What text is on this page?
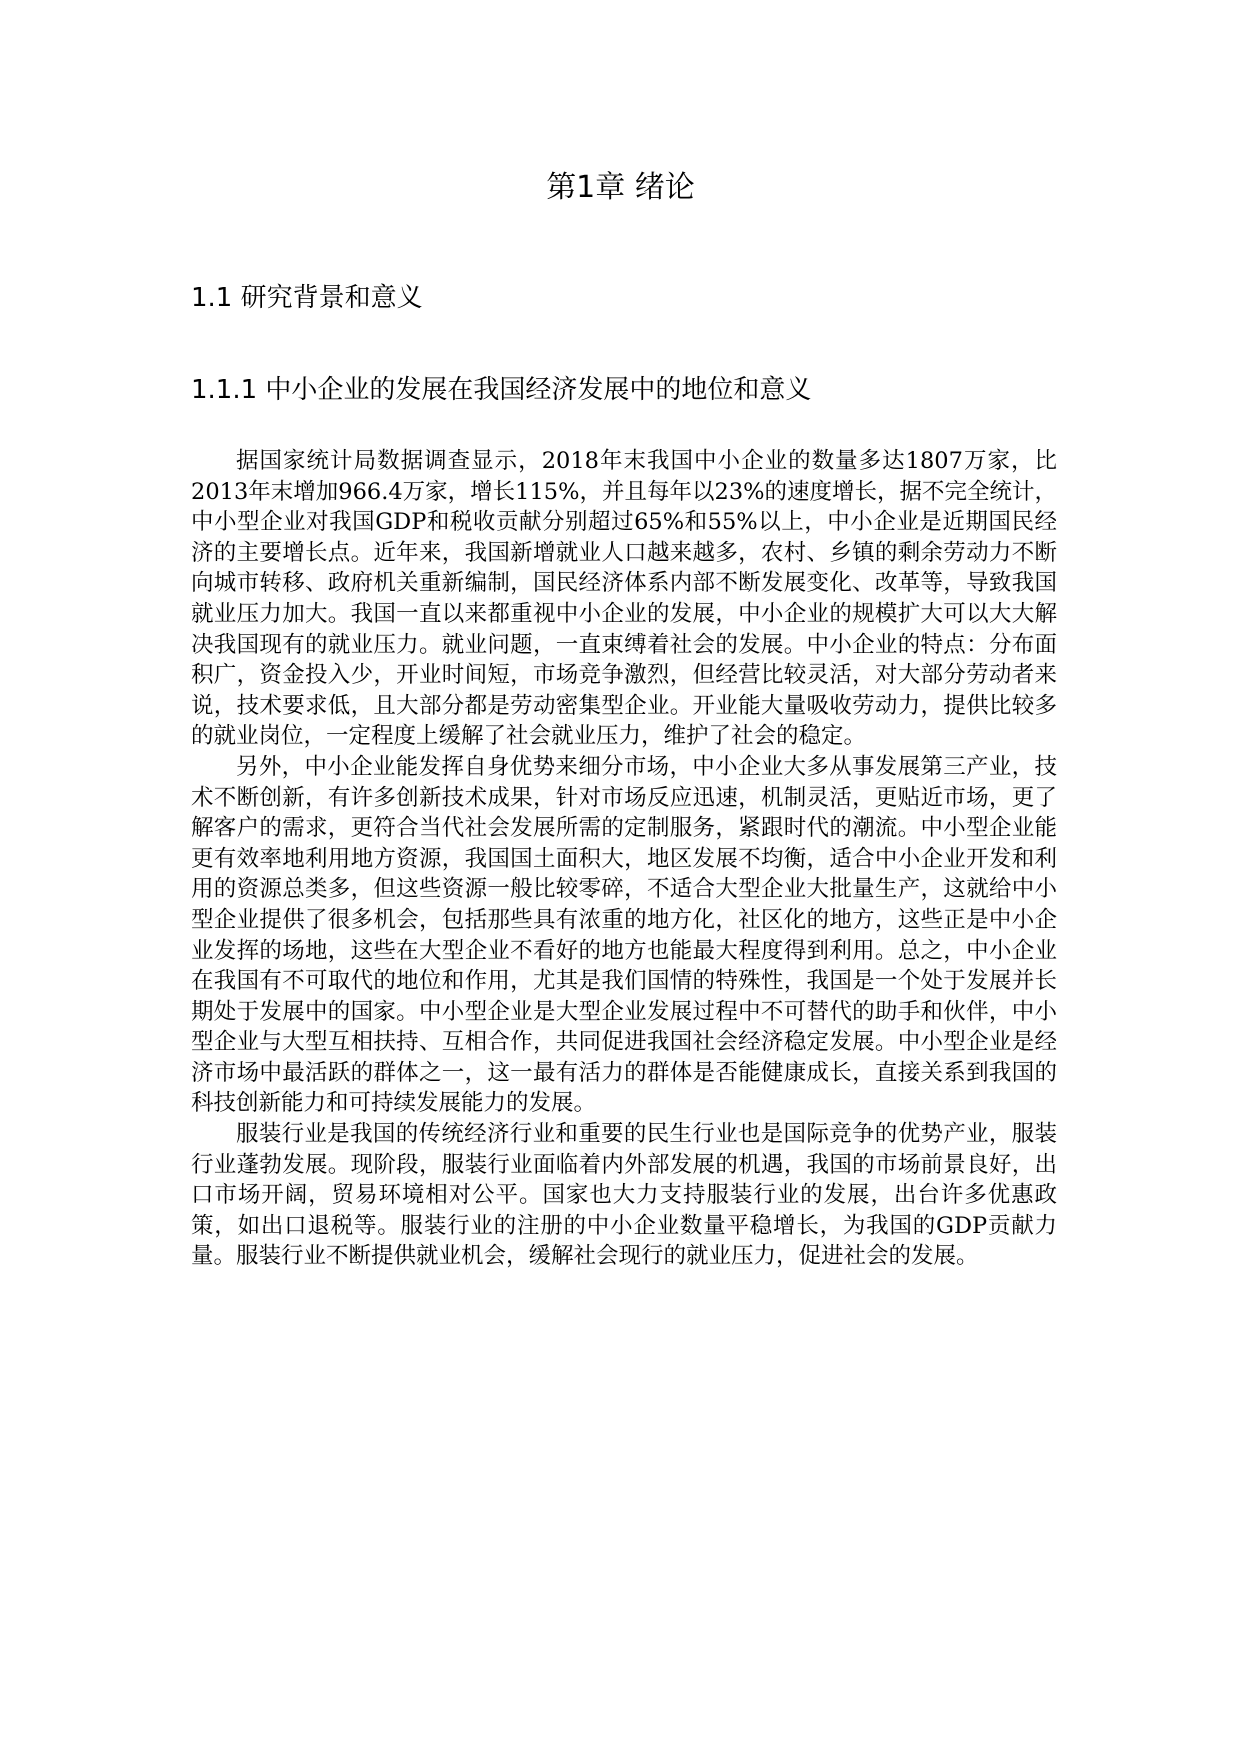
第1章 绪论
1.1 研究背景和意义
1.1.1 中小企业的发展在我国经济发展中的地位和意义

据国家统计局数据调查显示，2018年末我国中小企业的数量多达1807万家，比2013年末增加966.4万家，增长115%，并且每年以23%的速度增长，据不完全统计，中小型企业对我国GDP和税收贡献分别超过65%和55%以上，中小企业是近期国民经济的主要增长点。近年来，我国新增就业人口越来越多，农村、乡镇的剩余劳动力不断向城市转移、政府机关重新编制，国民经济体系内部不断发展变化、改革等，导致我国就业压力加大。我国一直以来都重视中小企业的发展，中小企业的规模扩大可以大大解决我国现有的就业压力。就业问题，一直束缚着社会的发展。中小企业的特点：分布面积广，资金投入少，开业时间短，市场竞争激烈，但经营比较灵活，对大部分劳动者来说，技术要求低，且大部分都是劳动密集型企业。开业能大量吸收劳动力，提供比较多的就业岗位，一定程度上缓解了社会就业压力，维护了社会的稳定。

另外，中小企业能发挥自身优势来细分市场，中小企业大多从事发展第三产业，技术不断创新，有许多创新技术成果，针对市场反应迅速，机制灵活，更贴近市场，更了解客户的需求，更符合当代社会发展所需的定制服务，紧跟时代的潮流。中小型企业能更有效率地利用地方资源，我国国土面积大，地区发展不均衡，适合中小企业开发和利用的资源总类多，但这些资源一般比较零碎，不适合大型企业大批量生产，这就给中小型企业提供了很多机会，包括那些具有浓重的地方化，社区化的地方，这些正是中小企业发挥的场地，这些在大型企业不看好的地方也能最大程度得到利用。总之，中小企业在我国有不可取代的地位和作用，尤其是我们国情的特殊性，我国是一个处于发展并长期处于发展中的国家。中小型企业是大型企业发展过程中不可替代的助手和伙伴，中小型企业与大型互相扶持、互相合作，共同促进我国社会经济稳定发展。中小型企业是经济市场中最活跃的群体之一，这一最有活力的群体是否能健康成长，直接关系到我国的科技创新能力和可持续发展能力的发展。

服装行业是我国的传统经济行业和重要的民生行业也是国际竞争的优势产业，服装行业蓬勃发展。现阶段，服装行业面临着内外部发展的机遇，我国的市场前景良好，出口市场开阔，贸易环境相对公平。国家也大力支持服装行业的发展，出台许多优惠政策，如出口退税等。服装行业的注册的中小企业数量平稳增长，为我国的GDP贡献力量。服装行业不断提供就业机会，缓解社会现行的就业压力，促进社会的发展。
